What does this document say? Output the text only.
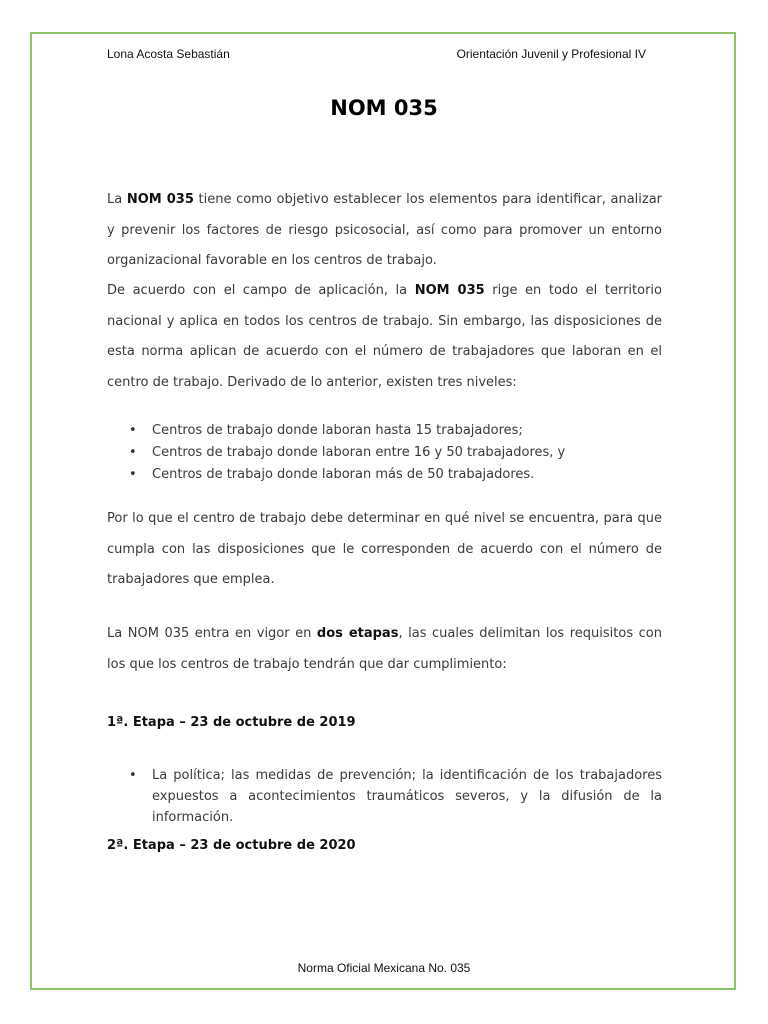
Lona Acosta Sebastián	Orientación Juvenil y Profesional IV
NOM 035

La NOM 035 tiene como objetivo establecer los elementos para identificar, analizar y prevenir los factores de riesgo psicosocial, así como para promover un entorno organizacional favorable en los centros de trabajo.

De acuerdo con el campo de aplicación, la NOM 035 rige en todo el territorio nacional y aplica en todos los centros de trabajo. Sin embargo, las disposiciones de esta norma aplican de acuerdo con el número de trabajadores que laboran en el centro de trabajo. Derivado de lo anterior, existen tres niveles:

• Centros de trabajo donde laboran hasta 15 trabajadores;
• Centros de trabajo donde laboran entre 16 y 50 trabajadores, y
• Centros de trabajo donde laboran más de 50 trabajadores.

Por lo que el centro de trabajo debe determinar en qué nivel se encuentra, para que cumpla con las disposiciones que le corresponden de acuerdo con el número de trabajadores que emplea.

La NOM 035 entra en vigor en dos etapas, las cuales delimitan los requisitos con los que los centros de trabajo tendrán que dar cumplimiento:

1ª. Etapa – 23 de octubre de 2019
• La política; las medidas de prevención; la identificación de los trabajadores expuestos a acontecimientos traumáticos severos, y la difusión de la información.
2ª. Etapa – 23 de octubre de 2020
Norma Oficial Mexicana No. 035
